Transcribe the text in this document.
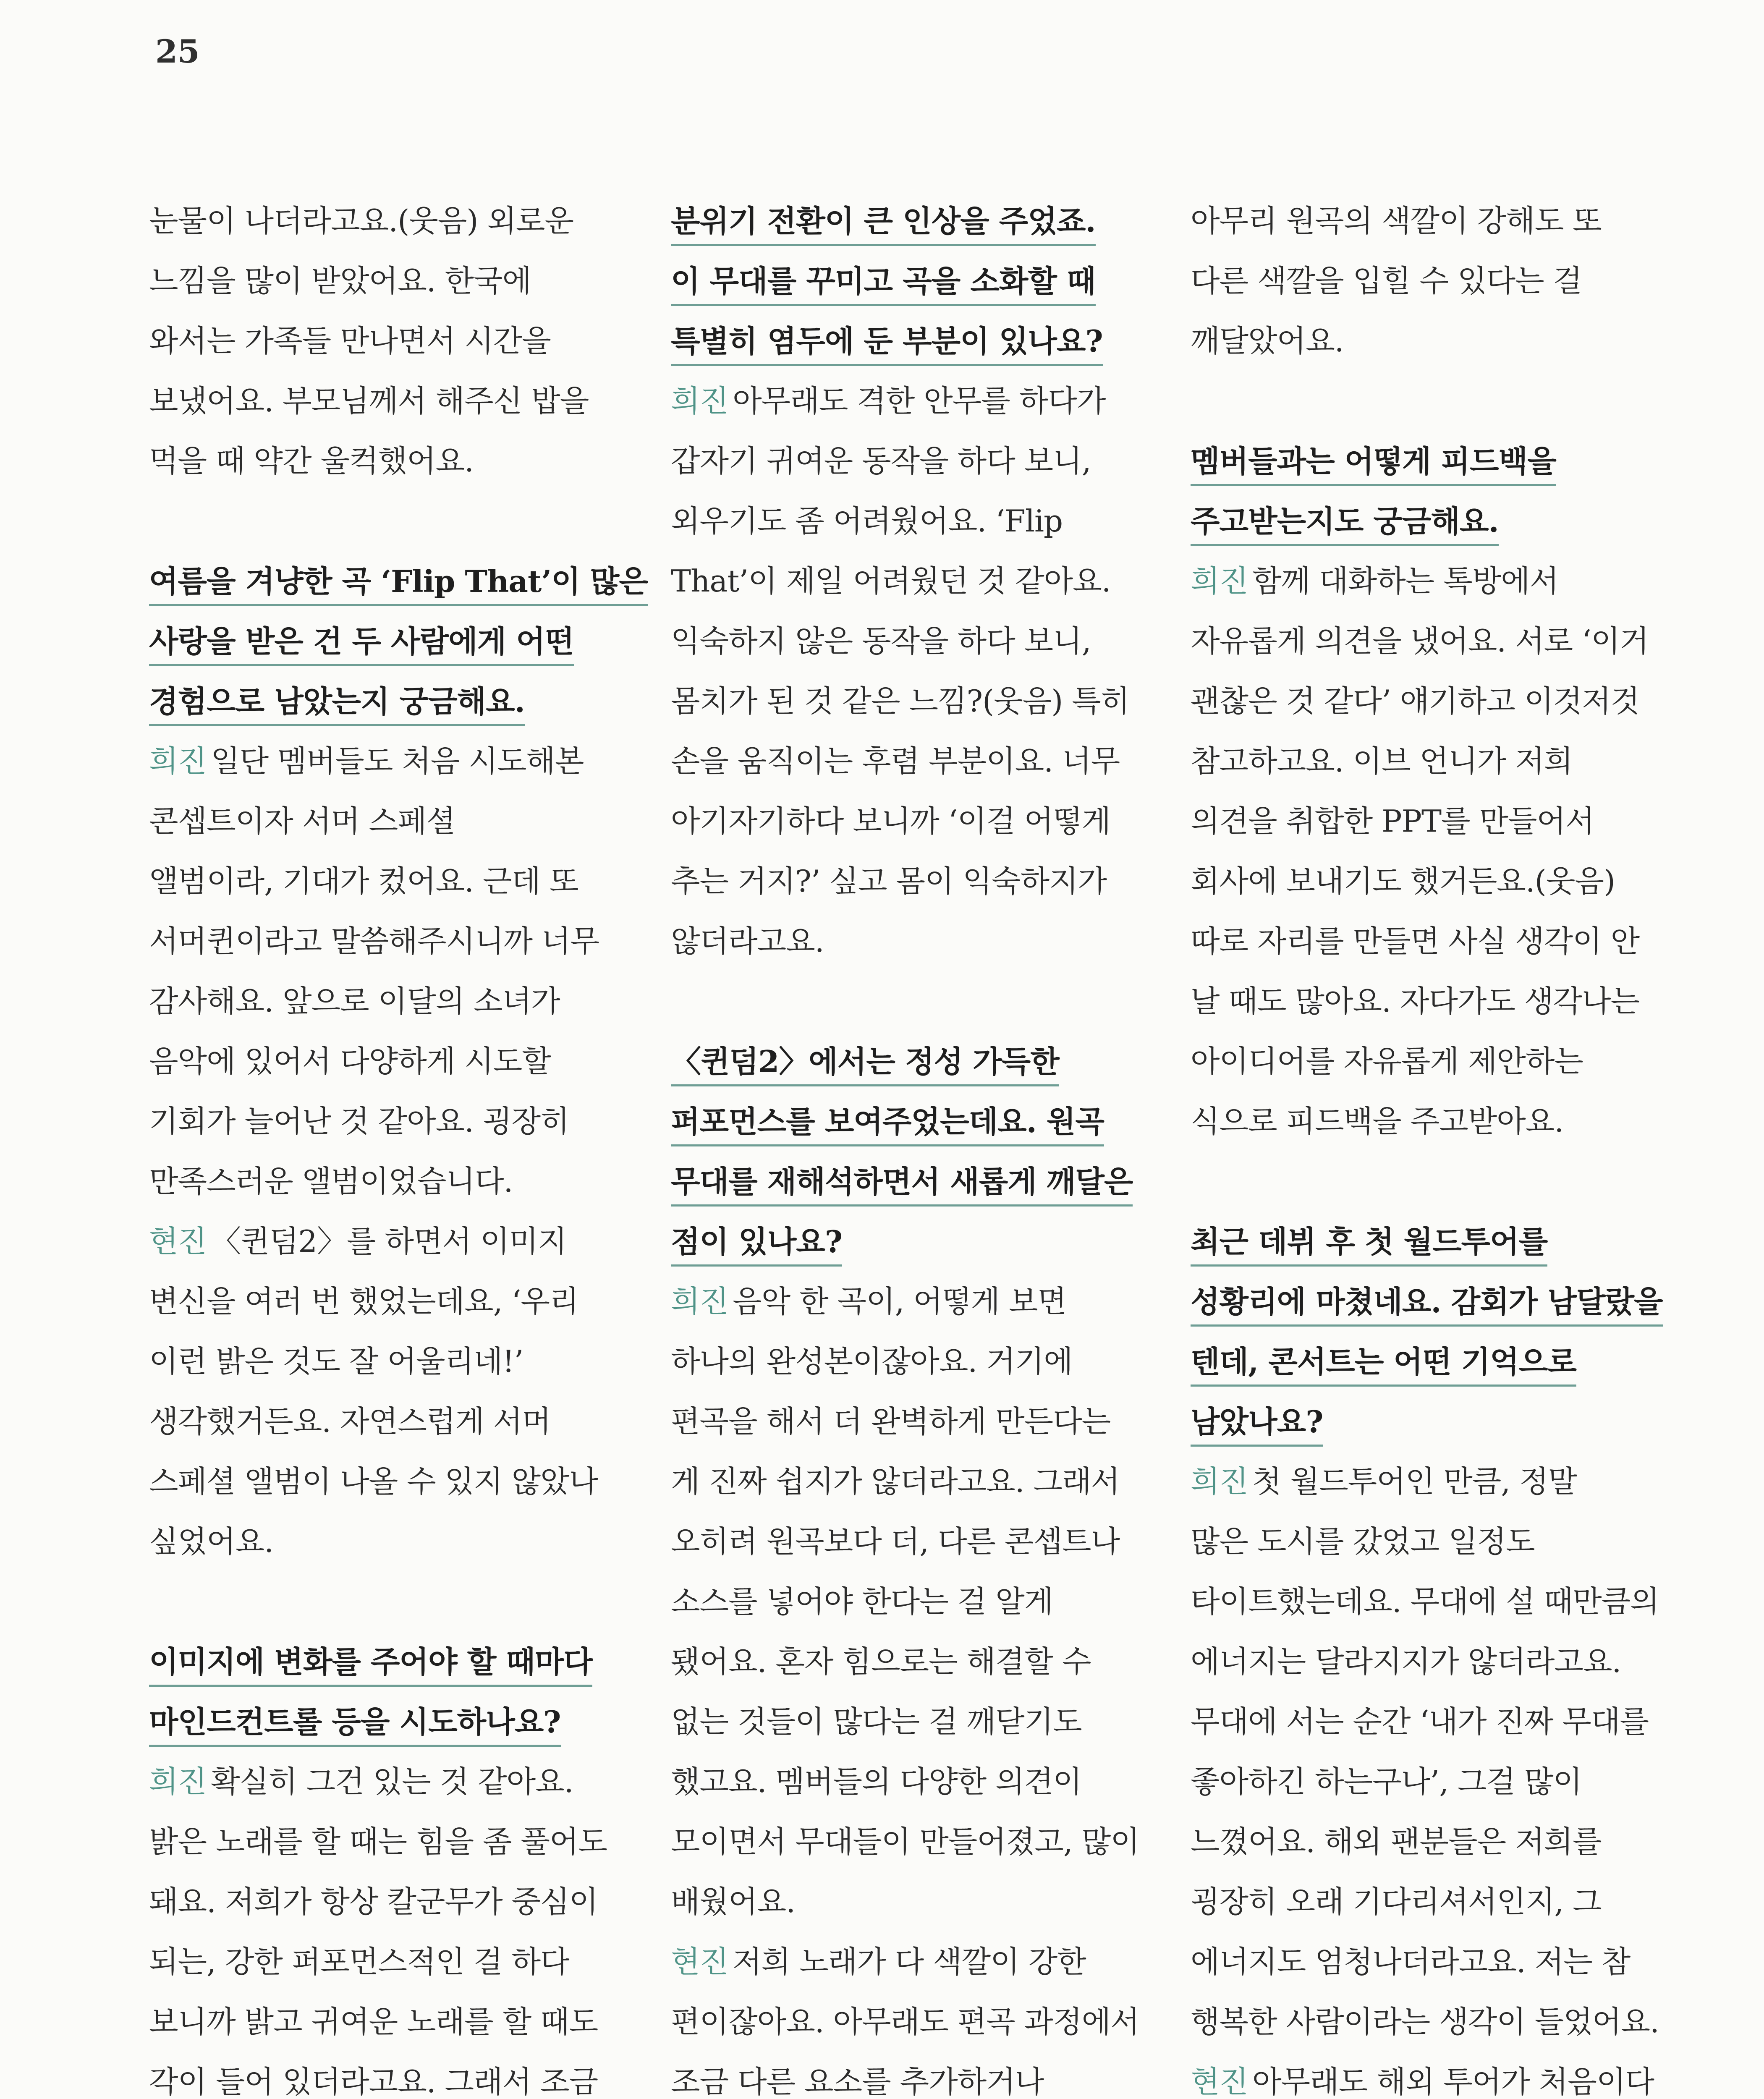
25
눈물이 나더라고요.(웃음) 외로운
느낌을 많이 받았어요. 한국에
와서는 가족들 만나면서 시간을
보냈어요. 부모님께서 해주신 밥을
먹을 때 약간 울컥했어요.
여름을 겨냥한 곡 ‘Flip That’이 많은
사랑을 받은 건 두 사람에게 어떤
경험으로 남았는지 궁금해요.
희진 일단 멤버들도 처음 시도해본
콘셉트이자 서머 스페셜
앨범이라, 기대가 컸어요. 근데 또
서머퀸이라고 말씀해주시니까 너무
감사해요. 앞으로 이달의 소녀가
음악에 있어서 다양하게 시도할
기회가 늘어난 것 같아요. 굉장히
만족스러운 앨범이었습니다.
현진 〈퀸덤2〉를 하면서 이미지
변신을 여러 번 했었는데요, ‘우리
이런 밝은 것도 잘 어울리네!’
생각했거든요. 자연스럽게 서머
스페셜 앨범이 나올 수 있지 않았나
싶었어요.
이미지에 변화를 주어야 할 때마다
마인드컨트롤 등을 시도하나요?
희진 확실히 그건 있는 것 같아요.
밝은 노래를 할 때는 힘을 좀 풀어도
돼요. 저희가 항상 칼군무가 중심이
되는, 강한 퍼포먼스적인 걸 하다
보니까 밝고 귀여운 노래를 할 때도
각이 들어 있더라고요. 그래서 조금
분위기 전환이 큰 인상을 주었죠.
이 무대를 꾸미고 곡을 소화할 때
특별히 염두에 둔 부분이 있나요?
희진 아무래도 격한 안무를 하다가
갑자기 귀여운 동작을 하다 보니,
외우기도 좀 어려웠어요. ‘Flip
That’이 제일 어려웠던 것 같아요.
익숙하지 않은 동작을 하다 보니,
몸치가 된 것 같은 느낌?(웃음) 특히
손을 움직이는 후렴 부분이요. 너무
아기자기하다 보니까 ‘이걸 어떻게
추는 거지?’ 싶고 몸이 익숙하지가
않더라고요.
〈퀸덤2〉에서는 정성 가득한
퍼포먼스를 보여주었는데요. 원곡
무대를 재해석하면서 새롭게 깨달은
점이 있나요?
희진 음악 한 곡이, 어떻게 보면
하나의 완성본이잖아요. 거기에
편곡을 해서 더 완벽하게 만든다는
게 진짜 쉽지가 않더라고요. 그래서
오히려 원곡보다 더, 다른 콘셉트나
소스를 넣어야 한다는 걸 알게
됐어요. 혼자 힘으로는 해결할 수
없는 것들이 많다는 걸 깨닫기도
했고요. 멤버들의 다양한 의견이
모이면서 무대들이 만들어졌고, 많이
배웠어요.
현진 저희 노래가 다 색깔이 강한
편이잖아요. 아무래도 편곡 과정에서
조금 다른 요소를 추가하거나
아무리 원곡의 색깔이 강해도 또
다른 색깔을 입힐 수 있다는 걸
깨달았어요.
멤버들과는 어떻게 피드백을
주고받는지도 궁금해요.
희진 함께 대화하는 톡방에서
자유롭게 의견을 냈어요. 서로 ‘이거
괜찮은 것 같다’ 얘기하고 이것저것
참고하고요. 이브 언니가 저희
의견을 취합한 PPT를 만들어서
회사에 보내기도 했거든요.(웃음)
따로 자리를 만들면 사실 생각이 안
날 때도 많아요. 자다가도 생각나는
아이디어를 자유롭게 제안하는
식으로 피드백을 주고받아요.
최근 데뷔 후 첫 월드투어를
성황리에 마쳤네요. 감회가 남달랐을
텐데, 콘서트는 어떤 기억으로
남았나요?
희진 첫 월드투어인 만큼, 정말
많은 도시를 갔었고 일정도
타이트했는데요. 무대에 설 때만큼의
에너지는 달라지지가 않더라고요.
무대에 서는 순간 ‘내가 진짜 무대를
좋아하긴 하는구나’, 그걸 많이
느꼈어요. 해외 팬분들은 저희를
굉장히 오래 기다리셔서인지, 그
에너지도 엄청나더라고요. 저는 참
행복한 사람이라는 생각이 들었어요.
현진 아무래도 해외 투어가 처음이다
